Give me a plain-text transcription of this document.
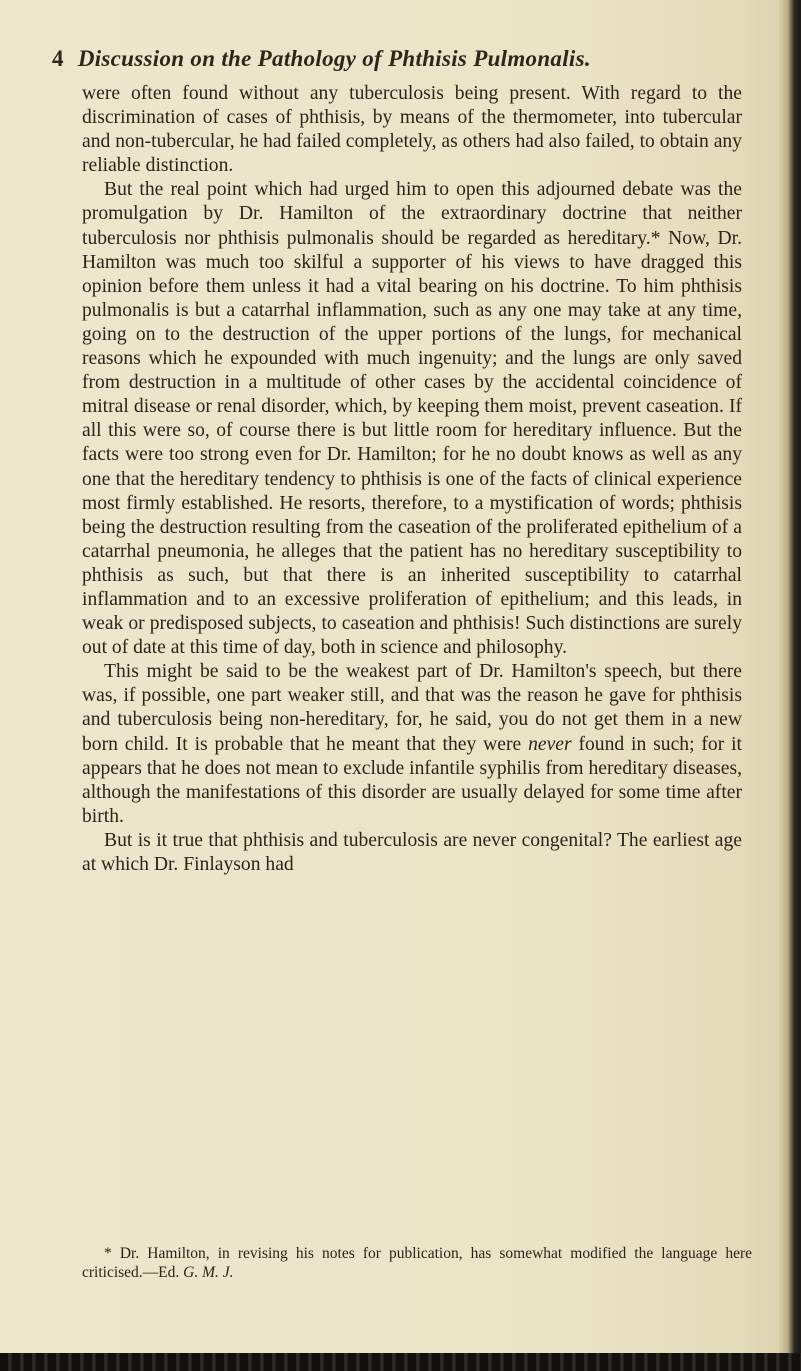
4 Discussion on the Pathology of Phthisis Pulmonalis.

were often found without any tuberculosis being present. With regard to the discrimination of cases of phthisis, by means of the thermometer, into tubercular and non-tubercular, he had failed completely, as others had also failed, to obtain any reliable distinction.

But the real point which had urged him to open this adjourned debate was the promulgation by Dr. Hamilton of the extraordinary doctrine that neither tuberculosis nor phthisis pulmonalis should be regarded as hereditary.* Now, Dr. Hamilton was much too skilful a supporter of his views to have dragged this opinion before them unless it had a vital bearing on his doctrine. To him phthisis pulmonalis is but a catarrhal inflammation, such as any one may take at any time, going on to the destruction of the upper portions of the lungs, for mechanical reasons which he expounded with much ingenuity; and the lungs are only saved from destruction in a multitude of other cases by the accidental coincidence of mitral disease or renal disorder, which, by keeping them moist, prevent caseation. If all this were so, of course there is but little room for hereditary influence. But the facts were too strong even for Dr. Hamilton; for he no doubt knows as well as any one that the hereditary tendency to phthisis is one of the facts of clinical experience most firmly established. He resorts, therefore, to a mystification of words; phthisis being the destruction resulting from the caseation of the proliferated epithelium of a catarrhal pneumonia, he alleges that the patient has no hereditary susceptibility to phthisis as such, but that there is an inherited susceptibility to catarrhal inflammation and to an excessive proliferation of epithelium; and this leads, in weak or predisposed subjects, to caseation and phthisis! Such distinctions are surely out of date at this time of day, both in science and philosophy.

This might be said to be the weakest part of Dr. Hamilton's speech, but there was, if possible, one part weaker still, and that was the reason he gave for phthisis and tuberculosis being non-hereditary, for, he said, you do not get them in a new born child. It is probable that he meant that they were never found in such; for it appears that he does not mean to exclude infantile syphilis from hereditary diseases, although the manifestations of this disorder are usually delayed for some time after birth.

But is it true that phthisis and tuberculosis are never congenital? The earliest age at which Dr. Finlayson had

* Dr. Hamilton, in revising his notes for publication, has somewhat modified the language here criticised.—Ed. G. M. J.
